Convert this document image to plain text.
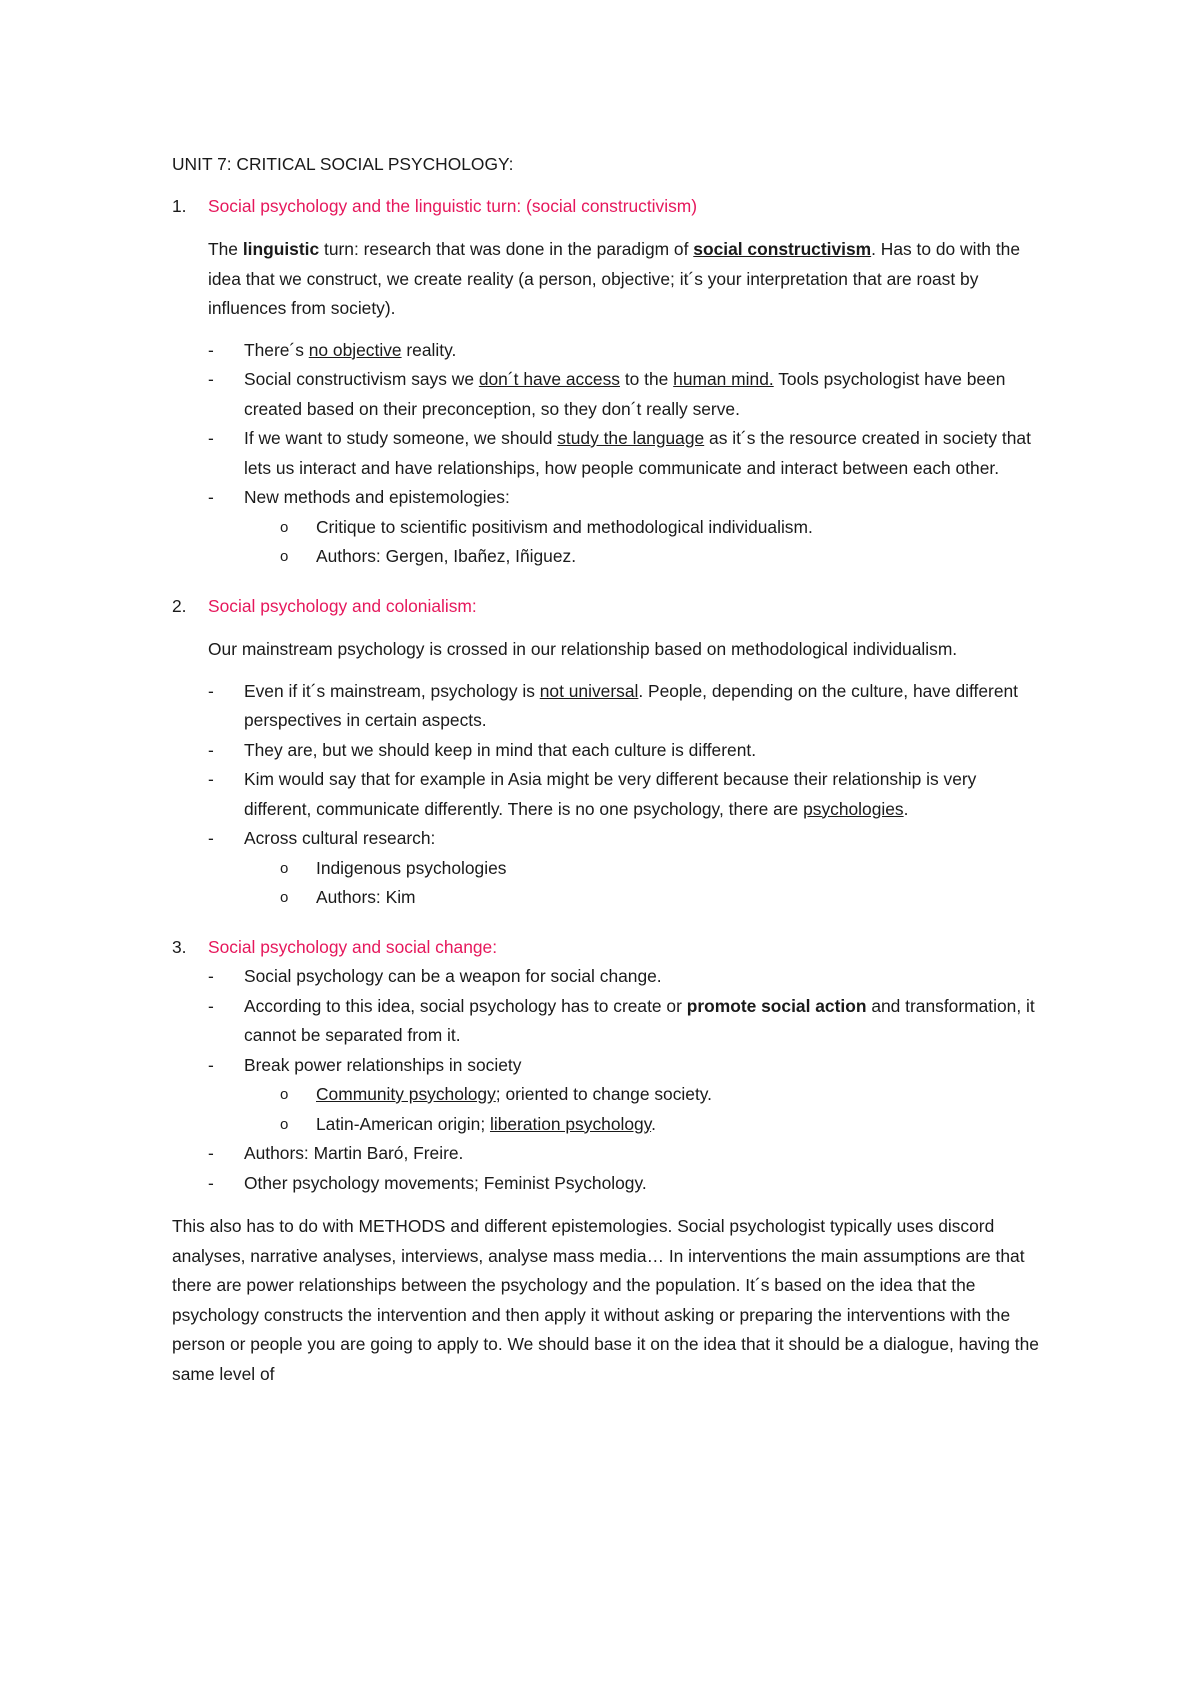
UNIT 7: CRITICAL SOCIAL PSYCHOLOGY:

1.	Social psychology and the linguistic turn: (social constructivism)

The linguistic turn: research that was done in the paradigm of social constructivism. Has to do with the idea that we construct, we create reality (a person, objective; it´s your interpretation that are roast by influences from society).

- There´s no objective reality.
- Social constructivism says we don´t have access to the human mind. Tools psychologist have been created based on their preconception, so they don´t really serve.
- If we want to study someone, we should study the language as it´s the resource created in society that lets us interact and have relationships, how people communicate and interact between each other.
- New methods and epistemologies:
o Critique to scientific positivism and methodological individualism.
o Authors: Gergen, Ibañez, Iñiguez.
2.	Social psychology and colonialism:

Our mainstream psychology is crossed in our relationship based on methodological individualism.

- Even if it´s mainstream, psychology is not universal. People, depending on the culture, have different perspectives in certain aspects.
- They are, but we should keep in mind that each culture is different.
- Kim would say that for example in Asia might be very different because their relationship is very different, communicate differently. There is no one psychology, there are psychologies.
- Across cultural research:
o Indigenous psychologies
o Authors: Kim
3.	Social psychology and social change:
- Social psychology can be a weapon for social change.
- According to this idea, social psychology has to create or promote social action and transformation, it cannot be separated from it.
- Break power relationships in society
o Community psychology; oriented to change society.
o Latin-American origin; liberation psychology.
- Authors: Martin Baró, Freire.
- Other psychology movements; Feminist Psychology.

This also has to do with METHODS and different epistemologies. Social psychologist typically uses discord analyses, narrative analyses, interviews, analyse mass media… In interventions the main assumptions are that there are power relationships between the psychology and the population. It´s based on the idea that the psychology constructs the intervention and then apply it without asking or preparing the interventions with the person or people you are going to apply to. We should base it on the idea that it should be a dialogue, having the same level of
